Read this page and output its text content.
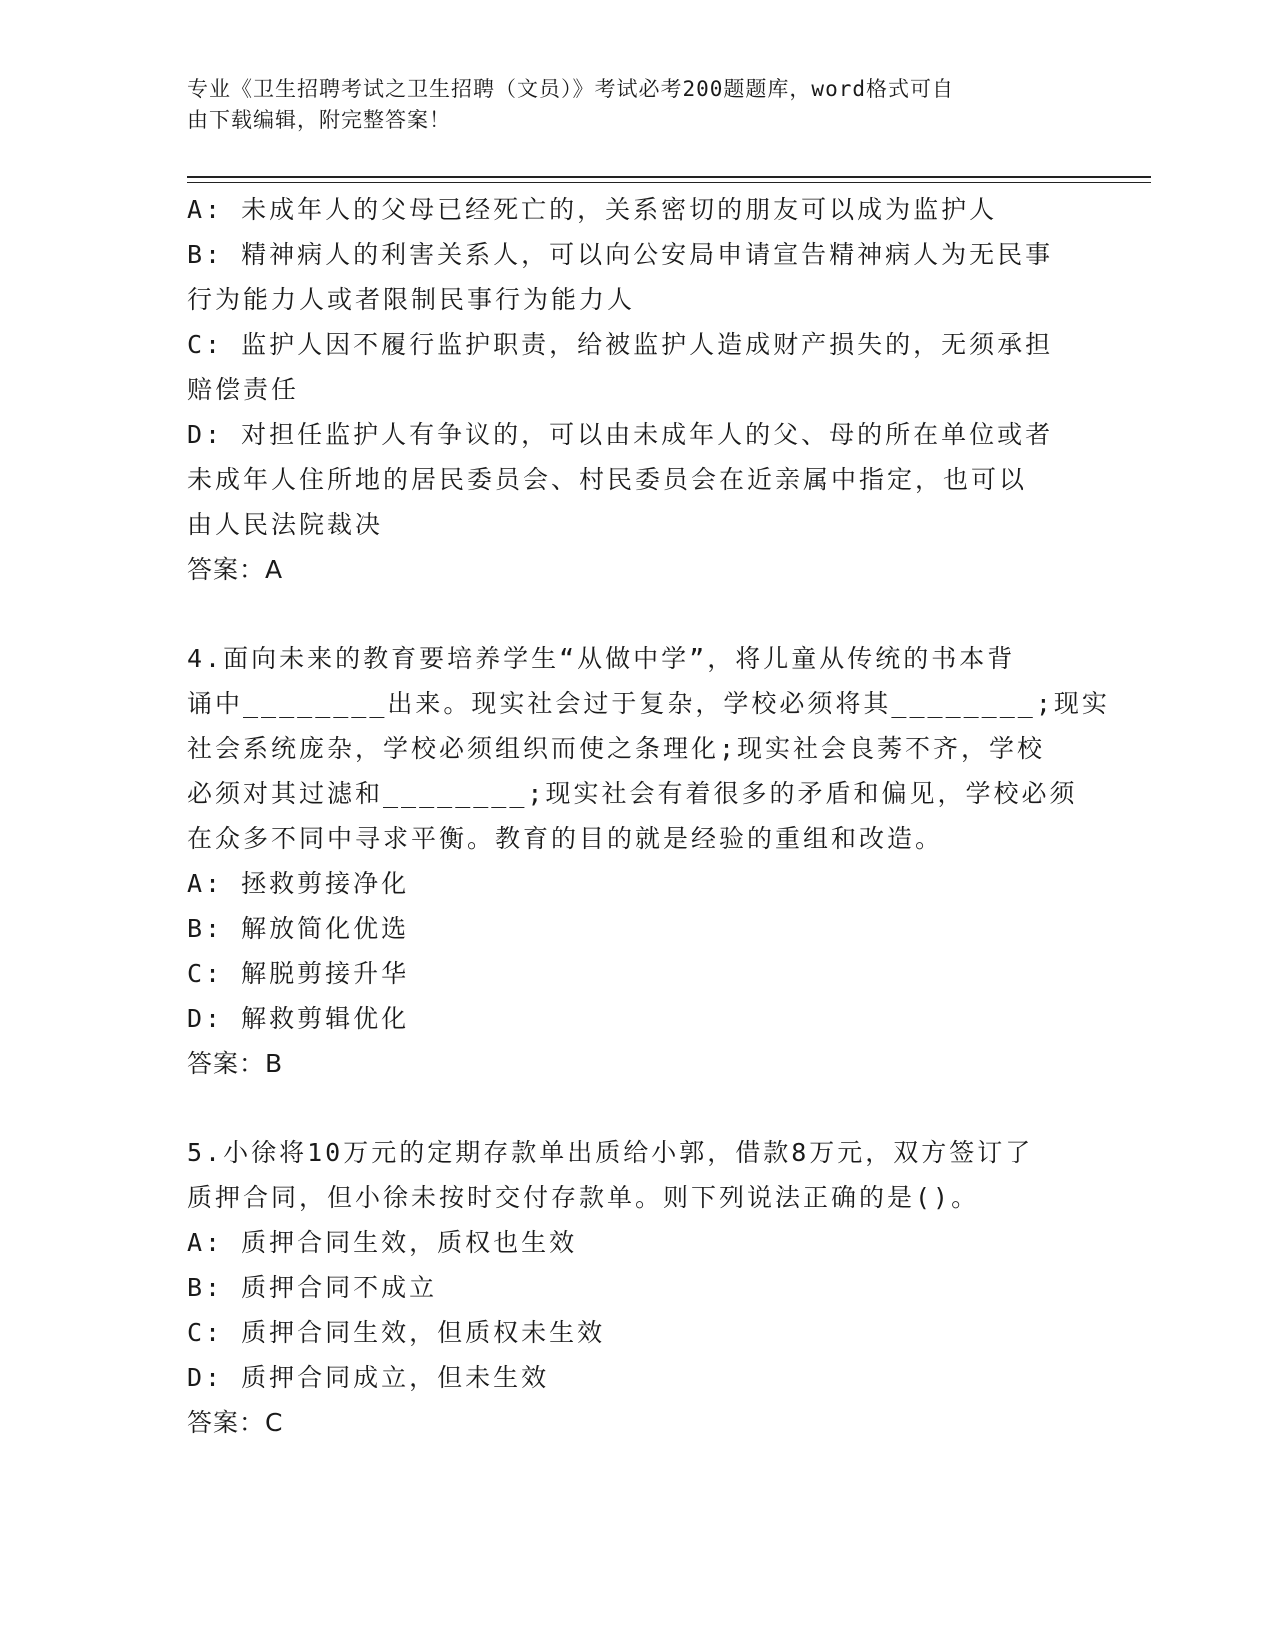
专业《卫生招聘考试之卫生招聘（文员）》考试必考200题题库，word格式可自
由下载编辑，附完整答案！
A: 未成年人的父母已经死亡的，关系密切的朋友可以成为监护人
B: 精神病人的利害关系人，可以向公安局申请宣告精神病人为无民事
行为能力人或者限制民事行为能力人
C: 监护人因不履行监护职责，给被监护人造成财产损失的，无须承担
赔偿责任
D: 对担任监护人有争议的，可以由未成年人的父、母的所在单位或者
未成年人住所地的居民委员会、村民委员会在近亲属中指定，也可以
由人民法院裁决
答案：A
4.面向未来的教育要培养学生“从做中学”，将儿童从传统的书本背
诵中________出来。现实社会过于复杂，学校必须将其________;现实
社会系统庞杂，学校必须组织而使之条理化;现实社会良莠不齐，学校
必须对其过滤和________;现实社会有着很多的矛盾和偏见，学校必须
在众多不同中寻求平衡。教育的目的就是经验的重组和改造。
A: 拯救剪接净化
B: 解放简化优选
C: 解脱剪接升华
D: 解救剪辑优化
答案：B
5.小徐将10万元的定期存款单出质给小郭，借款8万元，双方签订了
质押合同，但小徐未按时交付存款单。则下列说法正确的是()。
A: 质押合同生效，质权也生效
B: 质押合同不成立
C: 质押合同生效，但质权未生效
D: 质押合同成立，但未生效
答案：C
